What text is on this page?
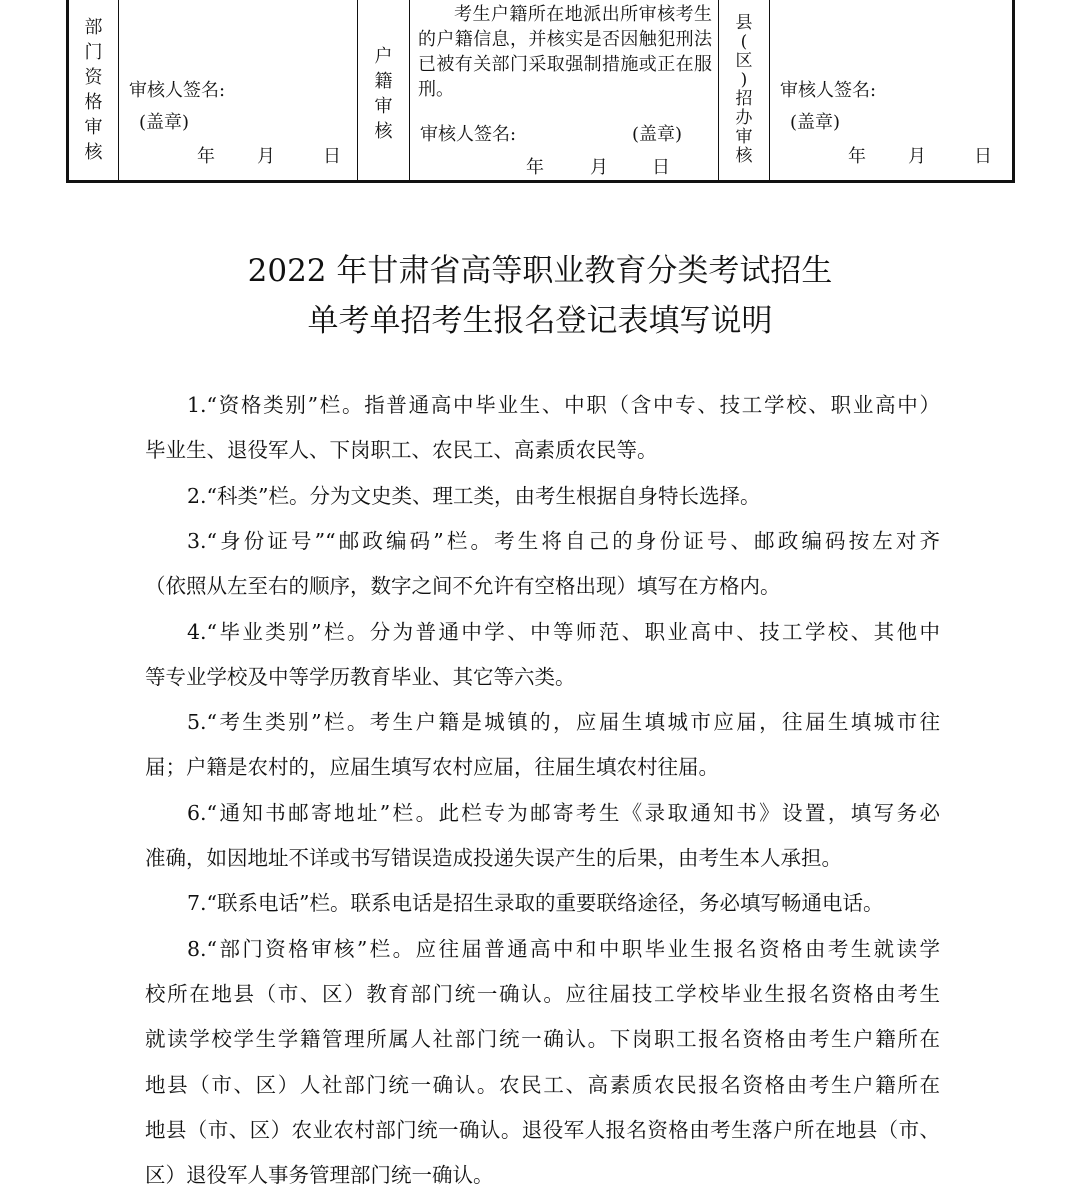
部
门
资
格
审
核
审核人签名:
(盖章)
年 月	日
户
籍
审
核
考生户籍所在地派出所审核考生的户籍信息，并核实是否因触犯刑法已被有关部门采取强制措施或正在服刑。
审核人签名:	(盖章)
年	月 日
县
(
区
)
招
办
审
核
审核人签名:
(盖章)
年 月	日
2022 年甘肃省高等职业教育分类考试招生
单考单招考生报名登记表填写说明
1.“资格类别”栏。指普通高中毕业生、中职（含中专、技工学校、职业高中）
毕业生、退役军人、下岗职工、农民工、高素质农民等。
2.“科类”栏。分为文史类、理工类，由考生根据自身特长选择。
3.“身份证号”“邮政编码”栏。考生将自己的身份证号、邮政编码按左对齐
（依照从左至右的顺序，数字之间不允许有空格出现）填写在方格内。
4.“毕业类别”栏。分为普通中学、中等师范、职业高中、技工学校、其他中
等专业学校及中等学历教育毕业、其它等六类。
5.“考生类别”栏。考生户籍是城镇的，应届生填城市应届，往届生填城市往
届；户籍是农村的，应届生填写农村应届，往届生填农村往届。
6.“通知书邮寄地址”栏。此栏专为邮寄考生《录取通知书》设置，填写务必
准确，如因地址不详或书写错误造成投递失误产生的后果，由考生本人承担。
7.“联系电话”栏。联系电话是招生录取的重要联络途径，务必填写畅通电话。
8.“部门资格审核”栏。应往届普通高中和中职毕业生报名资格由考生就读学
校所在地县（市、区）教育部门统一确认。应往届技工学校毕业生报名资格由考生
就读学校学生学籍管理所属人社部门统一确认。下岗职工报名资格由考生户籍所在
地县（市、区）人社部门统一确认。农民工、高素质农民报名资格由考生户籍所在
地县（市、区）农业农村部门统一确认。退役军人报名资格由考生落户所在地县（市、
区）退役军人事务管理部门统一确认。
